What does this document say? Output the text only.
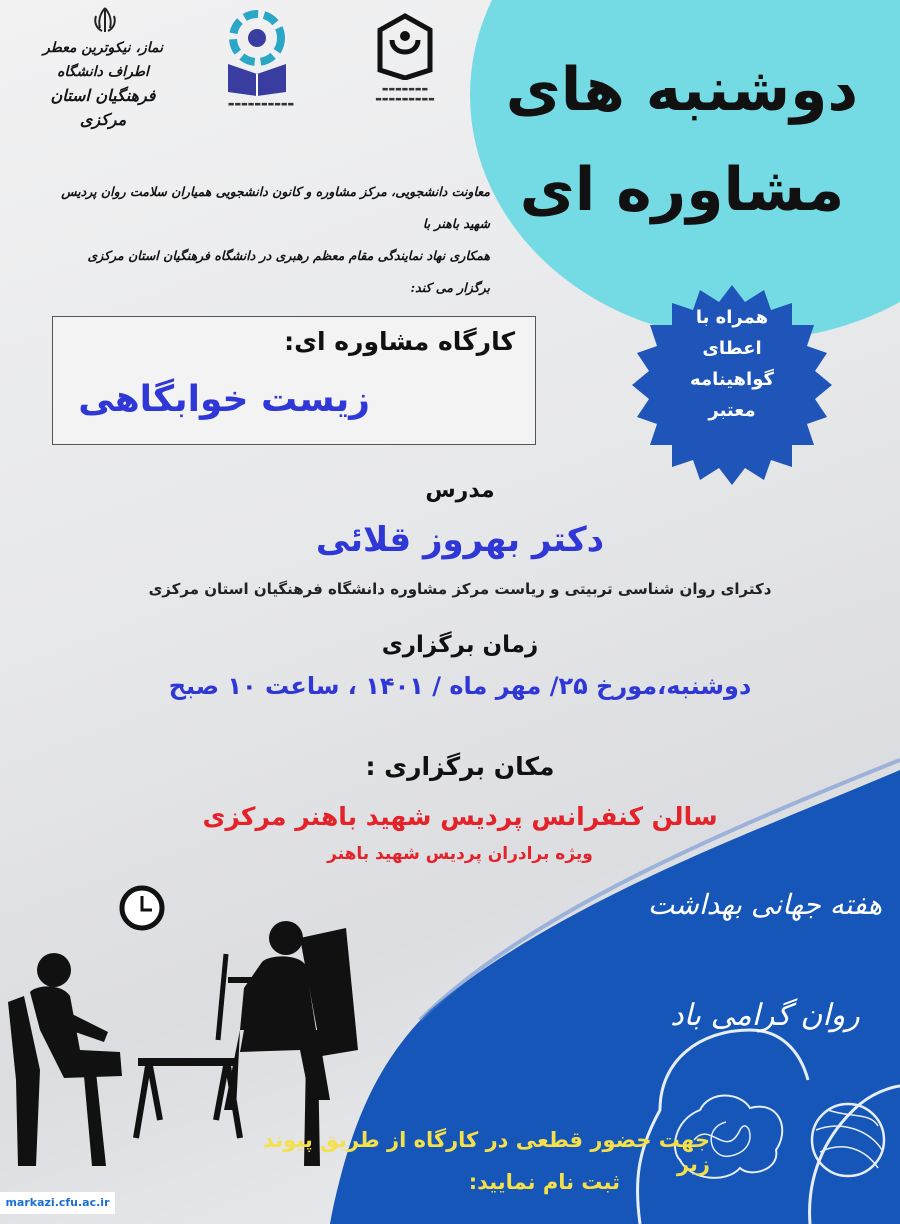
دوشنبه های
مشاوره ای
همراه با
اعطای
گواهینامه
معتبر
نماز، نیکوترین معطر اطراف دانشگاه
فرهنگیان استان مرکزی
▬▬▬▬▬▬▬▬▬▬
▬▬▬▬▬▬▬
▬▬▬▬▬▬▬▬▬
معاونت دانشجویی، مرکز مشاوره و کانون دانشجویی همیاران سلامت روان پردیس شهید باهنر با
همکاری نهاد نمایندگی مقام معظم رهبری در دانشگاه فرهنگیان استان مرکزی برگزار می کند:
کارگاه مشاوره ای:
زیست خوابگاهی
مدرس
دکتر بهروز قلائی
دکترای روان شناسی تربیتی و ریاست مرکز مشاوره دانشگاه فرهنگیان استان مرکزی
زمان برگزاری
دوشنبه،مورخ ۲۵/ مهر ماه / ۱۴۰۱ ، ساعت ۱۰ صبح
مکان برگزاری :
سالن کنفرانس پردیس شهید باهنر مرکزی
ویژه برادران پردیس شهید باهنر
هفته جهانی بهداشت
روان گرامی باد
جهت حضور قطعی در کارگاه از طریق پیوند زیر
ثبت نام نمایید:
markazi.cfu.ac.ir
